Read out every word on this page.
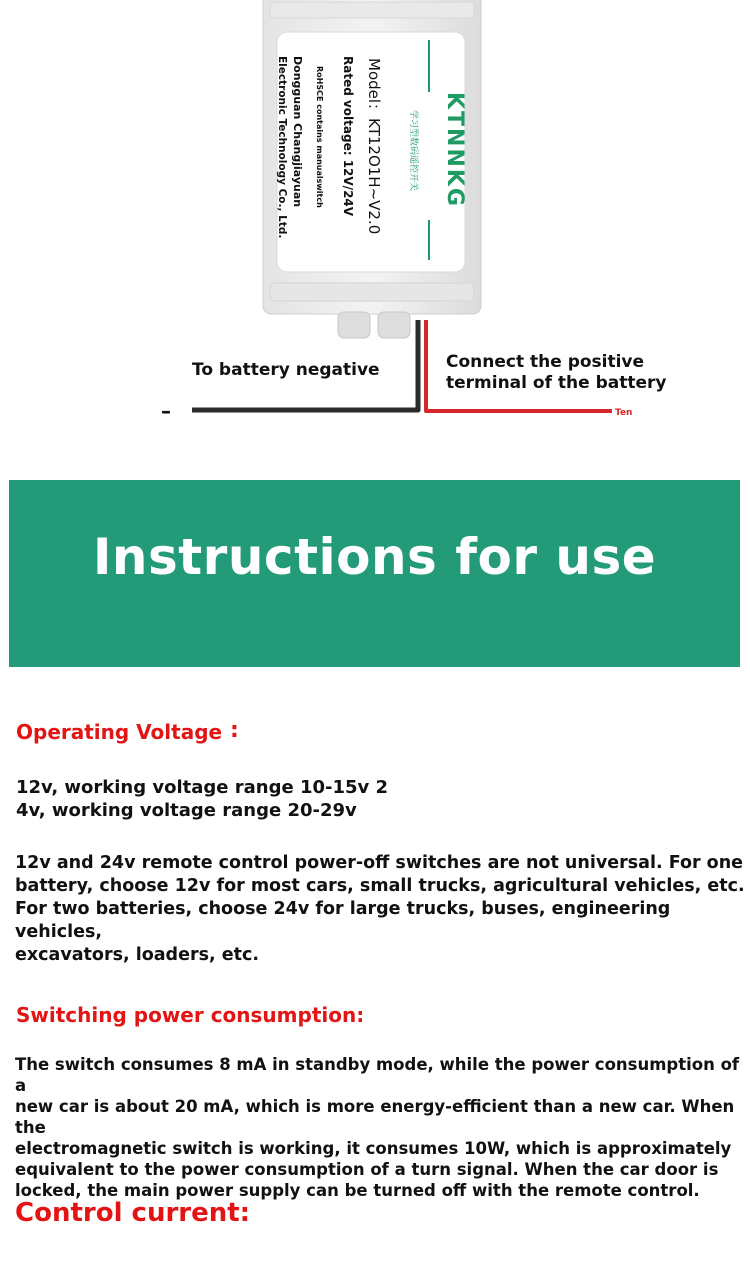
KTNNKG
学习型数码遥控开关
Model：KT12O1H~V2.0
Rated voltage: 12V/24V
RoHSCE contains manualswitch
Dongguan Changjiayuan
Electronic Technology Co., Ltd.
–	Ten
To battery negative	Connect the positive
terminal of the battery
Instructions for use
Operating Voltage :
12v, working voltage range 10-15v 2
4v, working voltage range 20-29v
12v and 24v remote control power-off switches are not universal. For one
battery, choose 12v for most cars, small trucks, agricultural vehicles, etc.
For two batteries, choose 24v for large trucks, buses, engineering vehicles,
excavators, loaders, etc.
Switching power consumption:
The switch consumes 8 mA in standby mode, while the power consumption of a
new car is about 20 mA, which is more energy-efficient than a new car. When the
electromagnetic switch is working, it consumes 10W, which is approximately
equivalent to the power consumption of a turn signal. When the car door is
locked, the main power supply can be turned off with the remote control.
Control current:
